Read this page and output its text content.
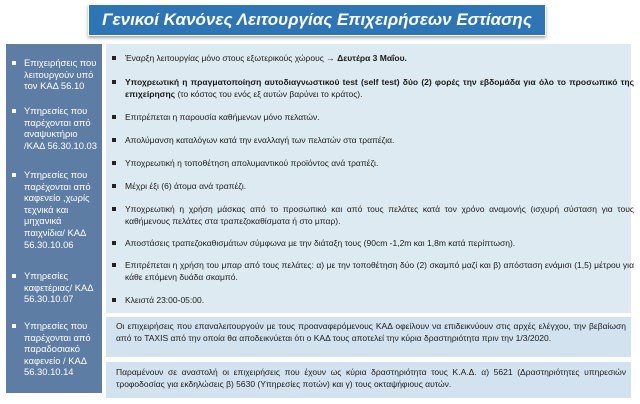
Γενικοί Κανόνες Λειτουργίας Επιχειρήσεων Εστίασης
Επιχειρήσεις που
λειτουργούν υπό
τον ΚΑΔ 56.10
Υπηρεσίες που
παρέχονται από
αναψυκτήριο
/ΚΑΔ 56.30.10.03
Υπηρεσίες που
παρέχονται από
καφενείο ,χωρίς
τεχνικά και
μηχανικά
παιχνίδια/ ΚΑΔ
56.30.10.06
Υπηρεσίες
καφετέριας/ ΚΑΔ
56.30.10.07
Υπηρεσίες που
παρέχονται από
παραδοσιακό
καφενείο / ΚΑΔ
56.30.10.14
Έναρξη λειτουργίας μόνο στους εξωτερικούς χώρους → Δευτέρα 3 Μαΐου.
Υποχρεωτική η πραγματοποίηση αυτοδιαγνωστικού test (self test) δύο (2) φορές την εβδομάδα για όλο το προσωπικό της επιχείρησης (το κόστος του ενός εξ αυτών βαρύνει το κράτος).
Επιτρέπεται η παρουσία καθήμενων μόνο πελατών.
Απολύμανση καταλόγων κατά την εναλλαγή των πελατών στα τραπέζια.
Υποχρεωτική η τοποθέτηση απολυμαντικού προϊόντος ανά τραπέζι.
Μέχρι έξι (6) άτομα ανά τραπέζι.
Υποχρεωτική η χρήση μάσκας από το προσωπικό και από τους πελάτες κατά τον χρόνο αναμονής (ισχυρή σύσταση για τους καθήμενους πελάτες στα τραπεζοκαθίσματα ή στο μπαρ).
Αποστάσεις τραπεζοκαθισμάτων σύμφωνα με την διάταξη τους (90cm -1,2m και 1,8m κατά περίπτωση).
Επιτρέπεται η χρήση του μπαρ από τους πελάτες: α) με την τοποθέτηση δύο (2) σκαμπό μαζί και β) απόσταση ενάμισι (1,5) μέτρου για κάθε επόμενη δυάδα σκαμπό.
Κλειστά 23:00-05:00.
Οι επιχειρήσεις που επαναλειτουργούν με τους προαναφερόμενους ΚΑΔ οφείλουν να επιδεικνύουν στις αρχές ελέγχου, την βεβαίωση από το TAXIS από την οποία θα αποδεικνύεται ότι ο ΚΑΔ τους αποτελεί την κύρια δραστηριότητα πριν την 1/3/2020.
Παραμένουν σε αναστολή οι επιχειρήσεις που έχουν ως κύρια δραστηριότητα τους Κ.Α.Δ. α) 5621 (Δραστηριότητες υπηρεσιών τροφοδοσίας για εκδηλώσεις β) 5630 (Υπηρεσίες ποτών) και γ) τους οκταψήφιους αυτών.
